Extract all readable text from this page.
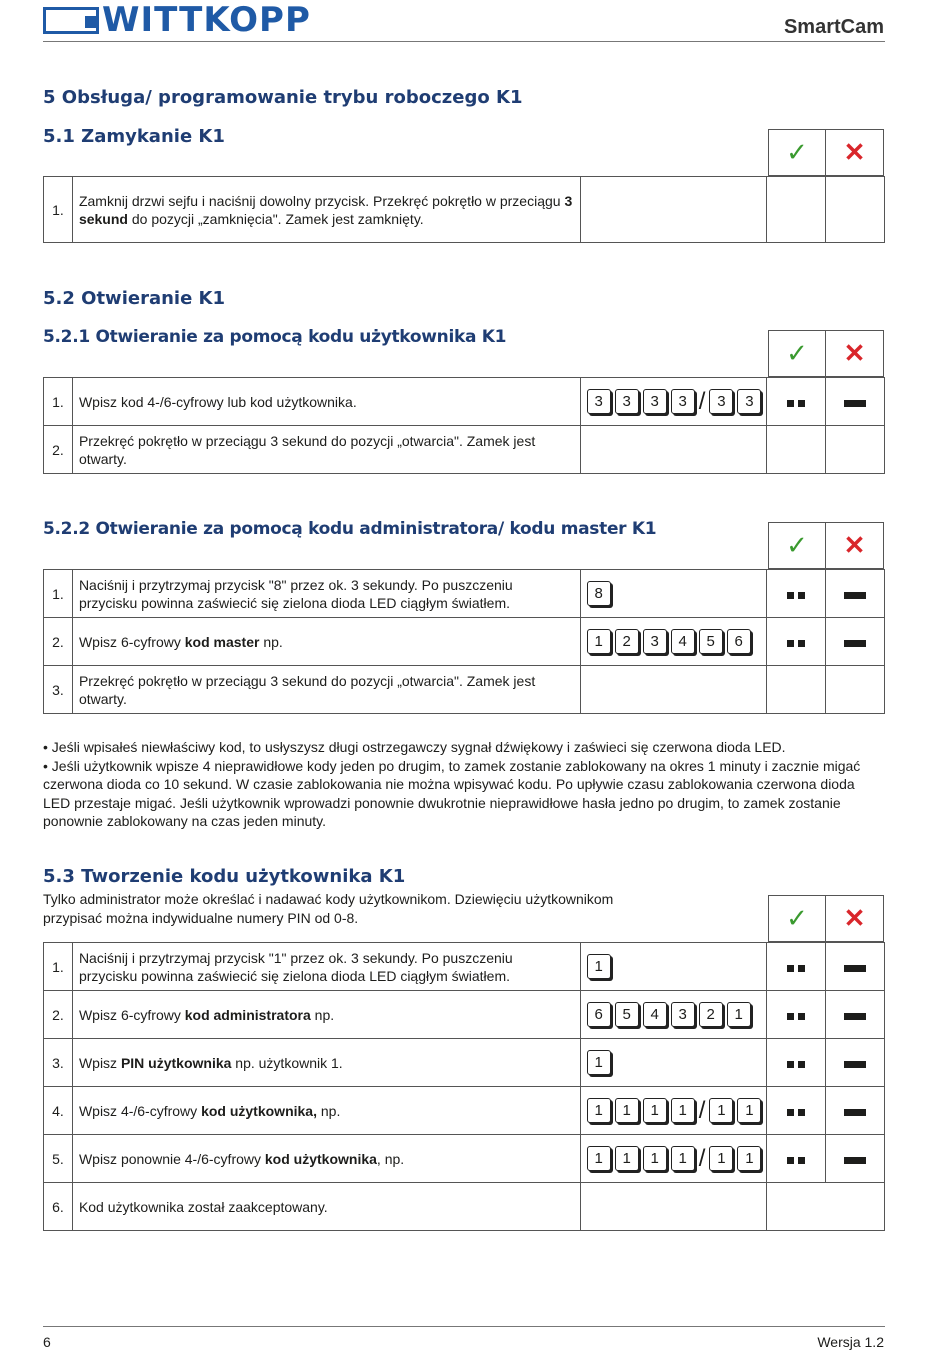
WITTKOPP	SmartCam
5 Obsługa/ programowanie trybu roboczego K1
5.1 Zamykanie K1
✓ ✕
1.	Zamknij drzwi sejfu i naciśnij dowolny przycisk. Przekręć pokrętło w przeciągu 3 sekund do pozycji „zamknięcia". Zamek jest zamknięty.			
5.2 Otwieranie K1
5.2.1 Otwieranie za pomocą kodu użytkownika K1
✓ ✕
1.	Wpisz kod 4-/6-cyfrowy lub kod użytkownika.	3 3 3 3 / 3 3		
2.	Przekręć pokrętło w przeciągu 3 sekund do pozycji „otwarcia". Zamek jest otwarty.			
5.2.2 Otwieranie za pomocą kodu administratora/ kodu master K1
✓ ✕
1.	Naciśnij i przytrzymaj przycisk "8" przez ok. 3 sekundy. Po puszczeniu przycisku powinna zaświecić się zielona dioda LED ciągłym światłem.	8		
2.	Wpisz 6-cyfrowy kod master np.	1 2 3 4 5 6		
3.	Przekręć pokrętło w przeciągu 3 sekund do pozycji „otwarcia". Zamek jest otwarty.			
• Jeśli wpisałeś niewłaściwy kod, to usłyszysz długi ostrzegawczy sygnał dźwiękowy i zaświeci się czerwona dioda LED.
• Jeśli użytkownik wpisze 4 nieprawidłowe kody jeden po drugim, to zamek zostanie zablokowany na okres 1 minuty i zacznie migać czerwona dioda co 10 sekund. W czasie zablokowania nie można wpisywać kodu. Po upływie czasu zablokowania czerwona dioda LED przestaje migać. Jeśli użytkownik wprowadzi ponownie dwukrotnie nieprawidłowe hasła jedno po drugim, to zamek zostanie ponownie zablokowany na czas jeden minuty.
5.3 Tworzenie kodu użytkownika K1
Tylko administrator może określać i nadawać kody użytkownikom. Dziewięciu użytkownikom przypisać można indywidualne numery PIN od 0-8.	✓ ✕
1.	Naciśnij i przytrzymaj przycisk "1" przez ok. 3 sekundy. Po puszczeniu przycisku powinna zaświecić się zielona dioda LED ciągłym światłem.	1		
2.	Wpisz 6-cyfrowy kod administratora np.	6 5 4 3 2 1		
3.	Wpisz PIN użytkownika np. użytkownik 1.	1		
4.	Wpisz 4-/6-cyfrowy kod użytkownika, np.	1 1 1 1 / 1 1		
5.	Wpisz ponownie 4-/6-cyfrowy kod użytkownika, np.	1 1 1 1 / 1 1		
6.	Kod użytkownika został zaakceptowany.			
6	Wersja 1.2
